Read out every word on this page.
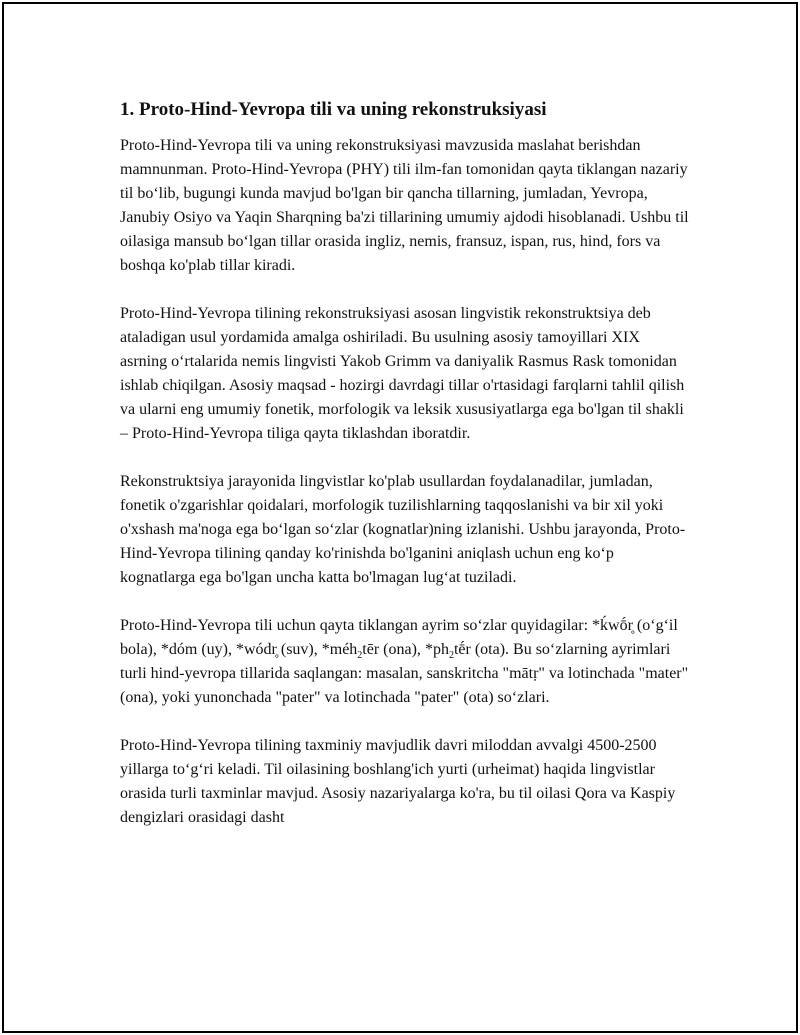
1. Proto-Hind-Yevropa tili va uning rekonstruksiyasi

Proto-Hind-Yevropa tili va uning rekonstruksiyasi mavzusida maslahat berishdan mamnunman. Proto-Hind-Yevropa (PHY) tili ilm-fan tomonidan qayta tiklangan nazariy til bo‘lib, bugungi kunda mavjud bo'lgan bir qancha tillarning, jumladan, Yevropa, Janubiy Osiyo va Yaqin Sharqning ba'zi tillarining umumiy ajdodi hisoblanadi. Ushbu til oilasiga mansub bo‘lgan tillar orasida ingliz, nemis, fransuz, ispan, rus, hind, fors va boshqa ko'plab tillar kiradi.

Proto-Hind-Yevropa tilining rekonstruksiyasi asosan lingvistik rekonstruktsiya deb ataladigan usul yordamida amalga oshiriladi. Bu usulning asosiy tamoyillari XIX asrning o‘rtalarida nemis lingvisti Yakob Grimm va daniyalik Rasmus Rask tomonidan ishlab chiqilgan. Asosiy maqsad - hozirgi davrdagi tillar o'rtasidagi farqlarni tahlil qilish va ularni eng umumiy fonetik, morfologik va leksik xususiyatlarga ega bo'lgan til shakli – Proto-Hind-Yevropa tiliga qayta tiklashdan iboratdir.

Rekonstruktsiya jarayonida lingvistlar ko'plab usullardan foydalanadilar, jumladan, fonetik o'zgarishlar qoidalari, morfologik tuzilishlarning taqqoslanishi va bir xil yoki o'xshash ma'noga ega bo‘lgan so‘zlar (kognatlar)ning izlanishi. Ushbu jarayonda, Proto-Hind-Yevropa tilining qanday ko'rinishda bo'lganini aniqlash uchun eng ko‘p kognatlarga ega bo'lgan uncha katta bo'lmagan lug‘at tuziladi.

Proto-Hind-Yevropa tili uchun qayta tiklangan ayrim so‘zlar quyidagilar: *ḱwṓr̥ (o‘g‘il bola), *dóm (uy), *wódr̥ (suv), *méh$_2$tēr (ona), $*ph_2tḗr$ (ota). Bu so‘zlarning ayrimlari turli hind-yevropa tillarida saqlangan: masalan, sanskritcha "mātṛ" va lotinchada "mater" (ona), yoki yunonchada "pater" va lotinchada "pater" (ota) so‘zlari.

Proto-Hind-Yevropa tilining taxminiy mavjudlik davri miloddan avvalgi 4500-2500 yillarga to‘g‘ri keladi. Til oilasining boshlang'ich yurti (urheimat) haqida lingvistlar orasida turli taxminlar mavjud. Asosiy nazariyalarga ko'ra, bu til oilasi Qora va Kaspiy dengizlari orasidagi dasht
